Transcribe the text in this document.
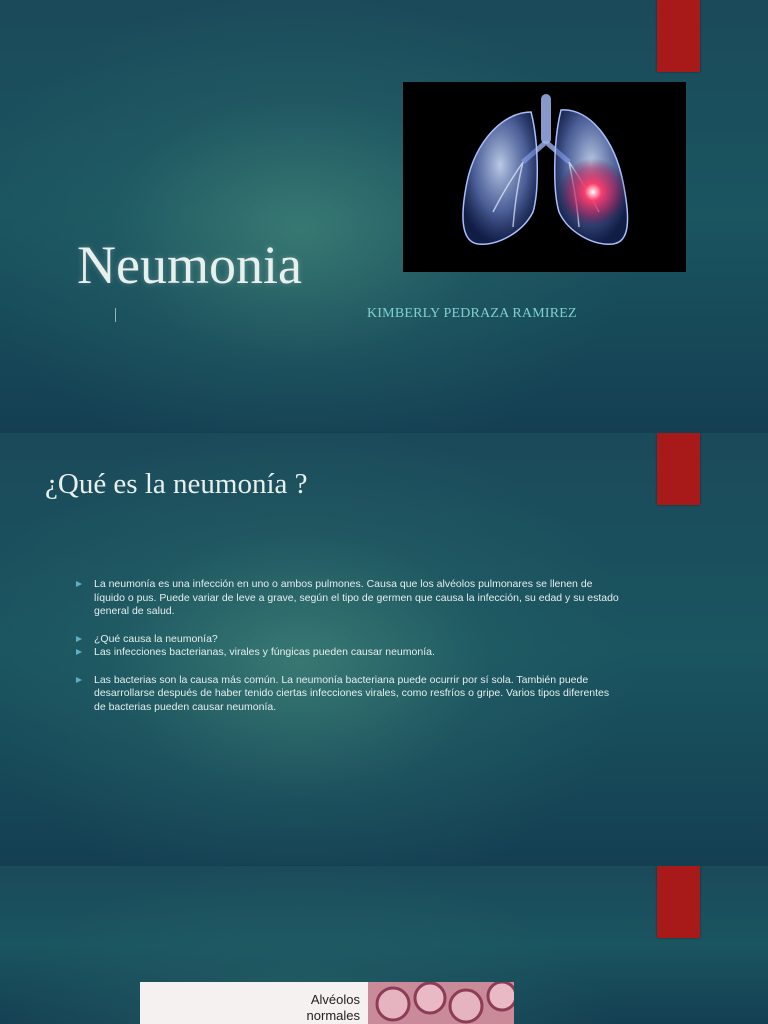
Neumonia
KIMBERLY PEDRAZA RAMIREZ
¿Qué es la neumonía ?
La neumonía es una infección en uno o ambos pulmones. Causa que los alvéolos pulmonares se llenen de líquido o pus. Puede variar de leve a grave, según el tipo de germen que causa la infección, su edad y su estado general de salud.
¿Qué causa la neumonía?
Las infecciones bacterianas, virales y fúngicas pueden causar neumonía.
Las bacterias son la causa más común. La neumonía bacteriana puede ocurrir por sí sola. También puede desarrollarse después de haber tenido ciertas infecciones virales, como resfríos o gripe. Varios tipos diferentes de bacterias pueden causar neumonía.
Alvéolos
normales
